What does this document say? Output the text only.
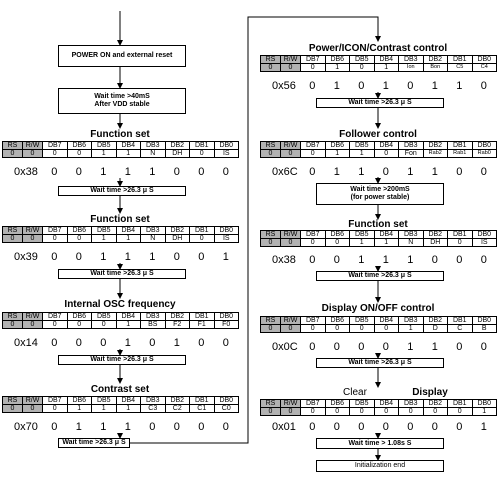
POWER ON and external reset
Wait time >40mS
After VDD stable
Function set
RS	R/W	DB7	DB6	DB5	DB4	DB3	DB2	DB1	DB0
0	0	0	0	1	1	N	DH	0	IS
0x38	0	0	1	1	1	0	0	0
Wait time >26.3 μ S
Function set
RS	R/W	DB7	DB6	DB5	DB4	DB3	DB2	DB1	DB0
0	0	0	0	1	1	N	DH	0	IS
0x39	0	0	1	1	1	0	0	1
Wait time >26.3 μ S
Internal OSC frequency
RS	R/W	DB7	DB6	DB5	DB4	DB3	DB2	DB1	DB0
0	0	0	0	0	1	BS	F2	F1	F0
0x14	0	0	0	1	0	1	0	0
Wait time >26.3 μ S
Contrast set
RS	R/W	DB7	DB6	DB5	DB4	DB3	DB2	DB1	DB0
0	0	0	1	1	1	C3	C2	C1	C0
0x70	0	1	1	1	0	0	0	0
Wait time >26.3 μ S
Power/ICON/Contrast control
RS	R/W	DB7	DB6	DB5	DB4	DB3	DB2	DB1	DB0
0	0	0	1	0	1	Ion	Bon	C5	C4
0x56	0	1	0	1	0	1	1	0
Wait time >26.3 μ S
Follower control
RS	R/W	DB7	DB6	DB5	DB4	DB3	DB2	DB1	DB0
0	0	0	1	1	0	Fon	Rab2	Rab1	Rab0
0x6C	0	1	1	0	1	1	0	0
Wait time >200mS
(for power stable)
Function set
RS	R/W	DB7	DB6	DB5	DB4	DB3	DB2	DB1	DB0
0	0	0	0	1	1	N	DH	0	IS
0x38	0	0	1	1	1	0	0	0
Wait time >26.3 μ S
Display ON/OFF control
RS	R/W	DB7	DB6	DB5	DB4	DB3	DB2	DB1	DB0
0	0	0	0	0	0	1	D	C	B
0x0C	0	0	0	0	1	1	0	0
Wait time >26.3 μ S
Clear	Display
RS	R/W	DB7	DB6	DB5	DB4	DB3	DB2	DB1	DB0
0	0	0	0	0	0	0	0	0	1
0x01	0	0	0	0	0	0	0	1
Wait time > 1.08s S
Initialization end
